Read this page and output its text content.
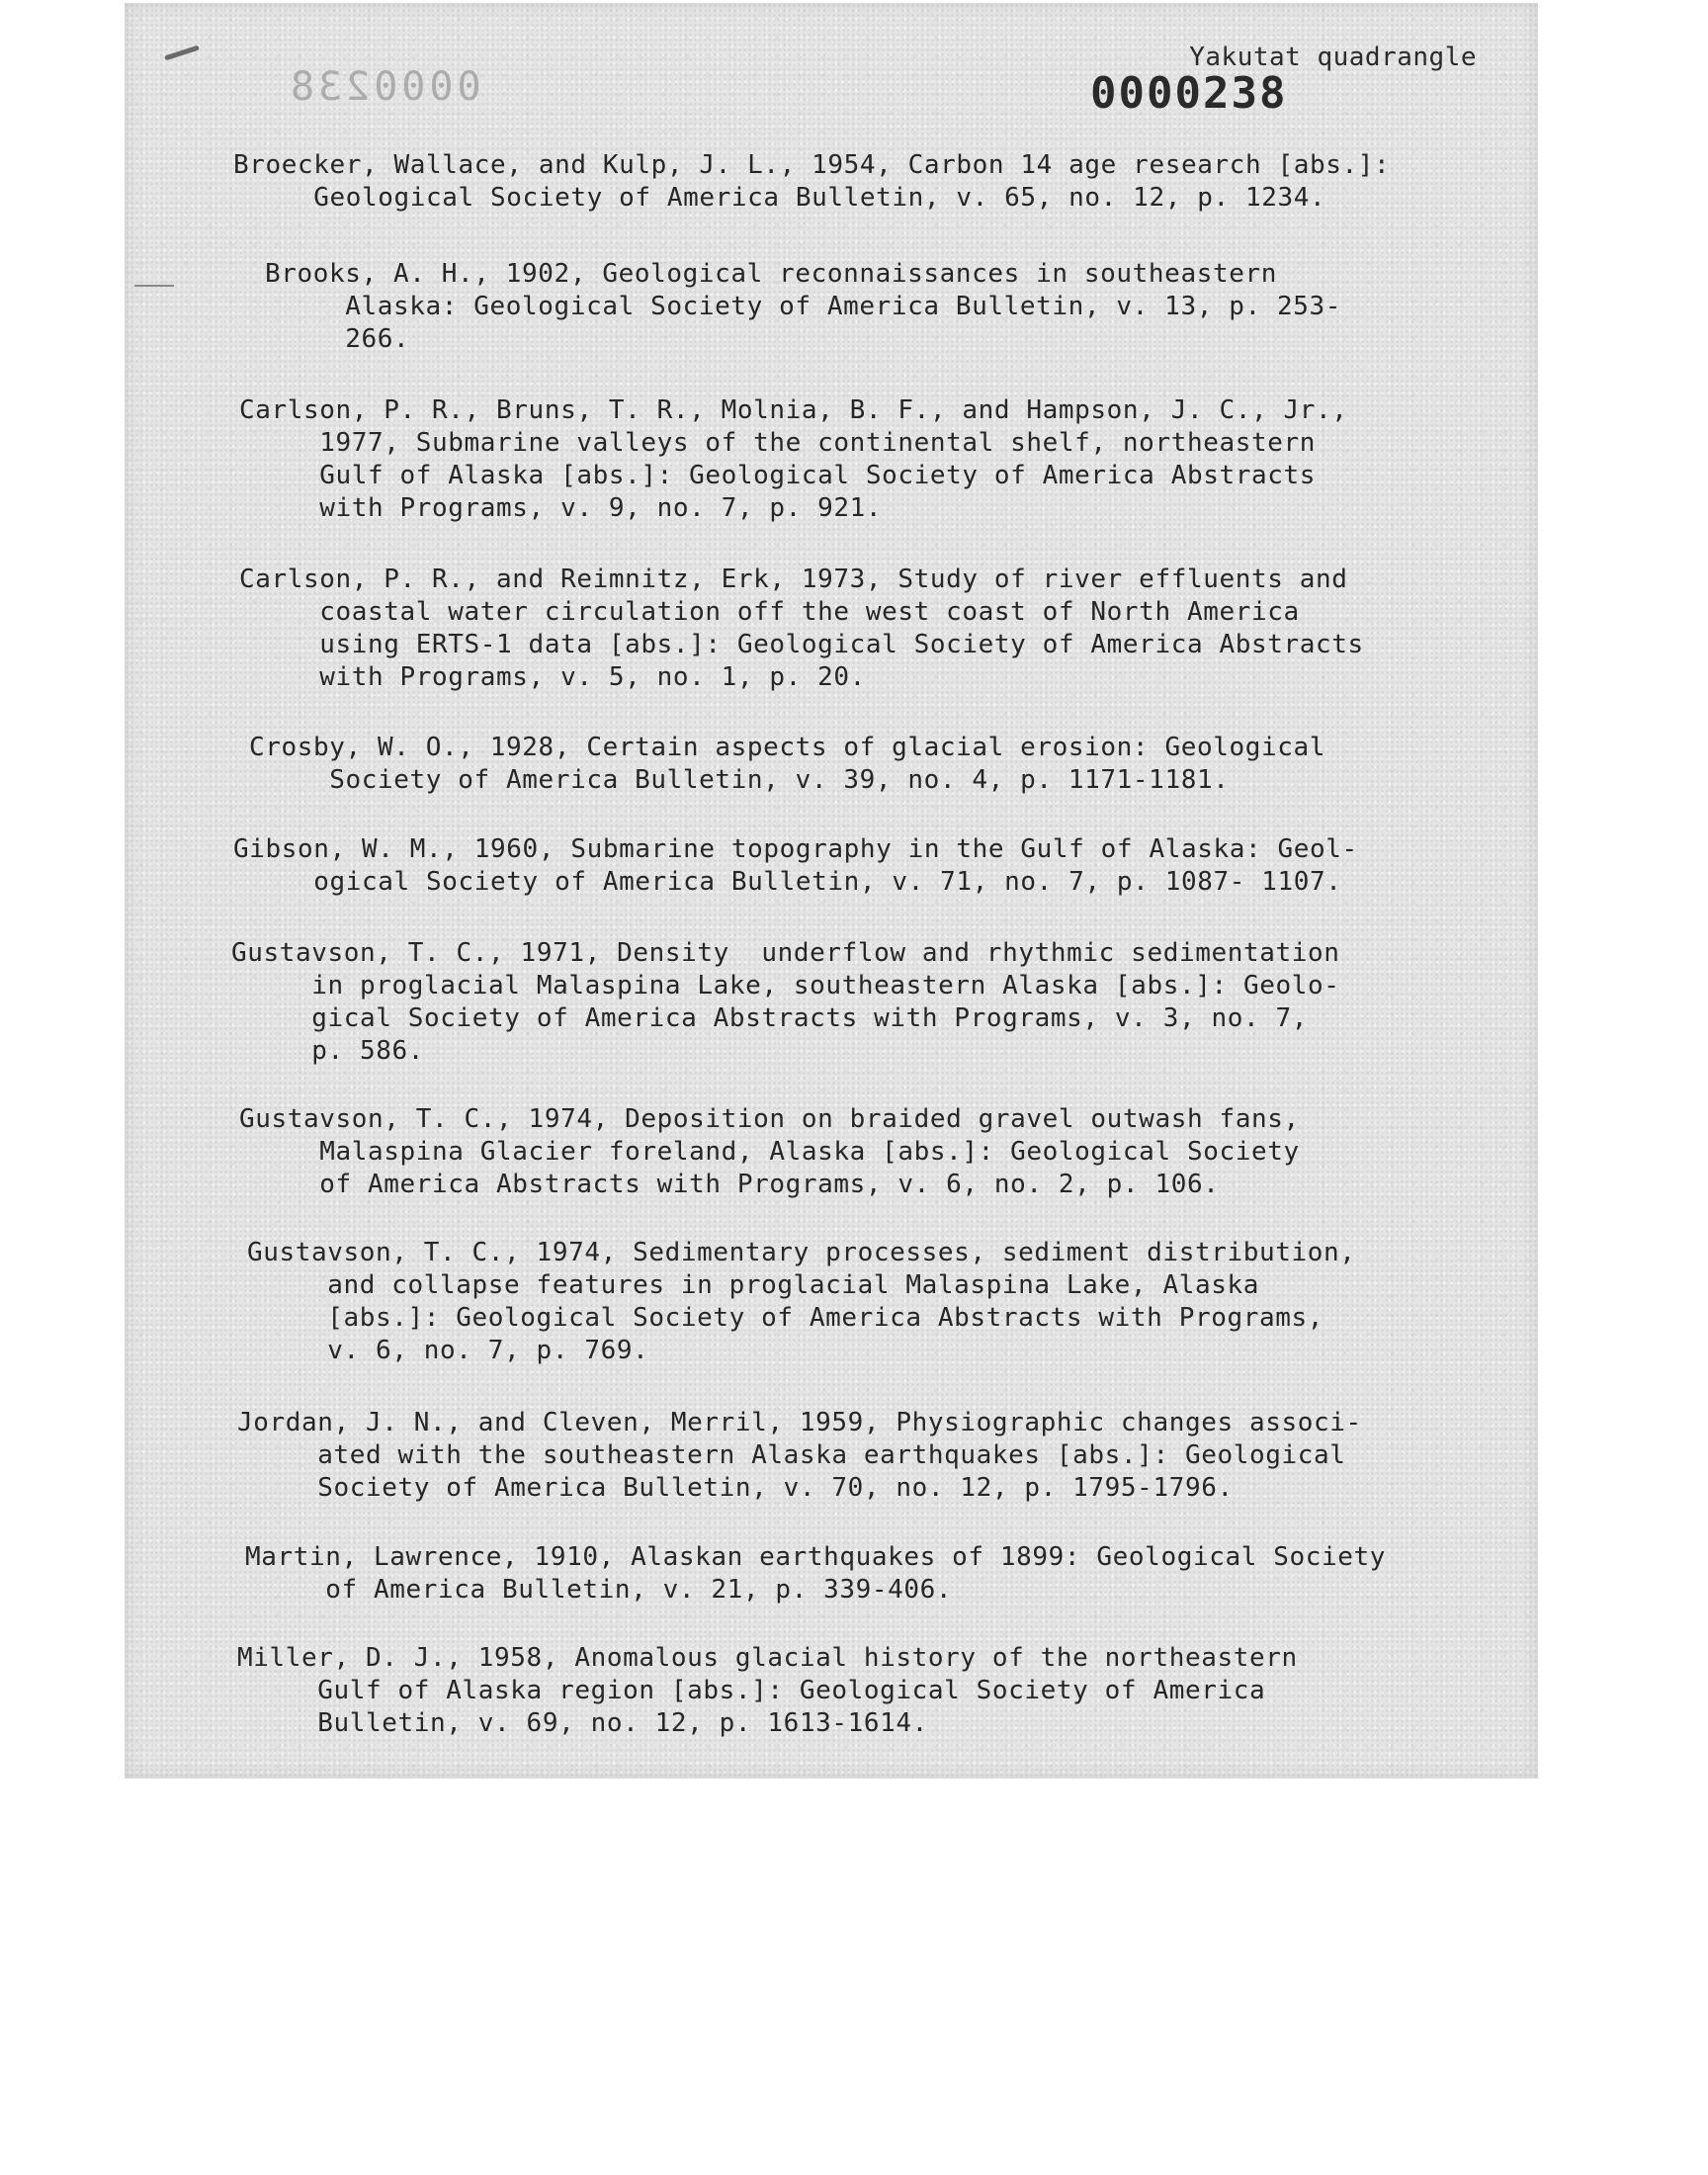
0000238
Yakutat quadrangle
0000238

Broecker, Wallace, and Kulp, J. L., 1954, Carbon 14 age research [abs.]:
Geological Society of America Bulletin, v. 65, no. 12, p. 1234.

Brooks, A. H., 1902, Geological reconnaissances in southeastern
Alaska: Geological Society of America Bulletin, v. 13, p. 253-
266.

Carlson, P. R., Bruns, T. R., Molnia, B. F., and Hampson, J. C., Jr.,
1977, Submarine valleys of the continental shelf, northeastern
Gulf of Alaska [abs.]: Geological Society of America Abstracts
with Programs, v. 9, no. 7, p. 921.

Carlson, P. R., and Reimnitz, Erk, 1973, Study of river effluents and
coastal water circulation off the west coast of North America
using ERTS-1 data [abs.]: Geological Society of America Abstracts
with Programs, v. 5, no. 1, p. 20.

Crosby, W. O., 1928, Certain aspects of glacial erosion: Geological
Society of America Bulletin, v. 39, no. 4, p. 1171-1181.

Gibson, W. M., 1960, Submarine topography in the Gulf of Alaska: Geol-
ogical Society of America Bulletin, v. 71, no. 7, p. 1087- 1107.

Gustavson, T. C., 1971, Density  underflow and rhythmic sedimentation
in proglacial Malaspina Lake, southeastern Alaska [abs.]: Geolo-
gical Society of America Abstracts with Programs, v. 3, no. 7,
p. 586.

Gustavson, T. C., 1974, Deposition on braided gravel outwash fans,
Malaspina Glacier foreland, Alaska [abs.]: Geological Society
of America Abstracts with Programs, v. 6, no. 2, p. 106.

Gustavson, T. C., 1974, Sedimentary processes, sediment distribution,
and collapse features in proglacial Malaspina Lake, Alaska
[abs.]: Geological Society of America Abstracts with Programs,
v. 6, no. 7, p. 769.

Jordan, J. N., and Cleven, Merril, 1959, Physiographic changes associ-
ated with the southeastern Alaska earthquakes [abs.]: Geological
Society of America Bulletin, v. 70, no. 12, p. 1795-1796.

Martin, Lawrence, 1910, Alaskan earthquakes of 1899: Geological Society
of America Bulletin, v. 21, p. 339-406.

Miller, D. J., 1958, Anomalous glacial history of the northeastern
Gulf of Alaska region [abs.]: Geological Society of America
Bulletin, v. 69, no. 12, p. 1613-1614.
